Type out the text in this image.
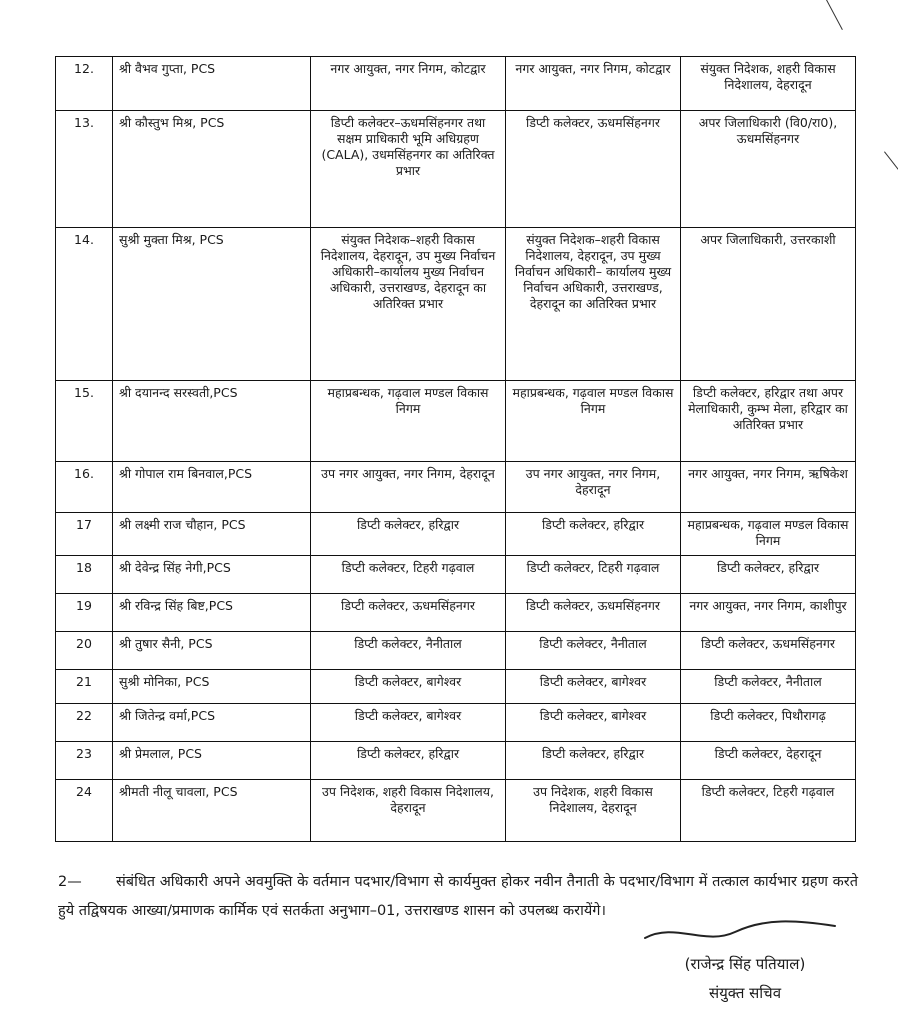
12.	श्री वैभव गुप्ता, PCS	नगर आयुक्त, नगर निगम, कोटद्वार	नगर आयुक्त, नगर निगम, कोटद्वार	संयुक्त निदेशक, शहरी विकास निदेशालय, देहरादून
13.	श्री कौस्तुभ मिश्र, PCS	डिप्टी कलेक्टर–ऊधमसिंहनगर तथा सक्षम प्राधिकारी भूमि अधिग्रहण (CALA), उधमसिंहनगर का अतिरिक्त प्रभार	डिप्टी कलेक्टर, ऊधमसिंहनगर	अपर जिलाधिकारी (वि0/रा0), ऊधमसिंहनगर
14.	सुश्री मुक्ता मिश्र, PCS	संयुक्त निदेशक–शहरी विकास निदेशालय, देहरादून, उप मुख्य निर्वाचन अधिकारी–कार्यालय मुख्य निर्वाचन अधिकारी, उत्तराखण्ड, देहरादून का अतिरिक्त प्रभार	संयुक्त निदेशक–शहरी विकास निदेशालय, देहरादून, उप मुख्य निर्वाचन अधिकारी– कार्यालय मुख्य निर्वाचन अधिकारी, उत्तराखण्ड, देहरादून का अतिरिक्त प्रभार	अपर जिलाधिकारी, उत्तरकाशी
15.	श्री दयानन्द सरस्वती,PCS	महाप्रबन्धक, गढ़वाल मण्डल विकास निगम	महाप्रबन्धक, गढ़वाल मण्डल विकास निगम	डिप्टी कलेक्टर, हरिद्वार तथा अपर मेलाधिकारी, कुम्भ मेला, हरिद्वार का अतिरिक्त प्रभार
16.	श्री गोपाल राम बिनवाल,PCS	उप नगर आयुक्त, नगर निगम, देहरादून	उप नगर आयुक्त, नगर निगम, देहरादून	नगर आयुक्त, नगर निगम, ऋषिकेश
17	श्री लक्ष्मी राज चौहान, PCS	डिप्टी कलेक्टर, हरिद्वार	डिप्टी कलेक्टर, हरिद्वार	महाप्रबन्धक, गढ़वाल मण्डल विकास निगम
18	श्री देवेन्द्र सिंह नेगी,PCS	डिप्टी कलेक्टर, टिहरी गढ़वाल	डिप्टी कलेक्टर, टिहरी गढ़वाल	डिप्टी कलेक्टर, हरिद्वार
19	श्री रविन्द्र सिंह बिष्ट,PCS	डिप्टी कलेक्टर, ऊधमसिंहनगर	डिप्टी कलेक्टर, ऊधमसिंहनगर	नगर आयुक्त, नगर निगम, काशीपुर
20	श्री तुषार सैनी, PCS	डिप्टी कलेक्टर, नैनीताल	डिप्टी कलेक्टर, नैनीताल	डिप्टी कलेक्टर, ऊधमसिंहनगर
21	सुश्री मोनिका, PCS	डिप्टी कलेक्टर, बागेश्वर	डिप्टी कलेक्टर, बागेश्वर	डिप्टी कलेक्टर, नैनीताल
22	श्री जितेन्द्र वर्मा,PCS	डिप्टी कलेक्टर, बागेश्वर	डिप्टी कलेक्टर, बागेश्वर	डिप्टी कलेक्टर, पिथौरागढ़
23	श्री प्रेमलाल, PCS	डिप्टी कलेक्टर, हरिद्वार	डिप्टी कलेक्टर, हरिद्वार	डिप्टी कलेक्टर, देहरादून
24	श्रीमती नीलू चावला, PCS	उप निदेशक, शहरी विकास निदेशालय, देहरादून	उप निदेशक, शहरी विकास निदेशालय, देहरादून	डिप्टी कलेक्टर, टिहरी गढ़वाल
2— संबंधित अधिकारी अपने अवमुक्ति के वर्तमान पदभार/विभाग से कार्यमुक्त होकर नवीन तैनाती के पदभार/विभाग में तत्काल कार्यभार ग्रहण करते हुये तद्विषयक आख्या/प्रमाणक कार्मिक एवं सतर्कता अनुभाग–01, उत्तराखण्ड शासन को उपलब्ध करायेंगे।
(राजेन्द्र सिंह पतियाल)
संयुक्त सचिव
